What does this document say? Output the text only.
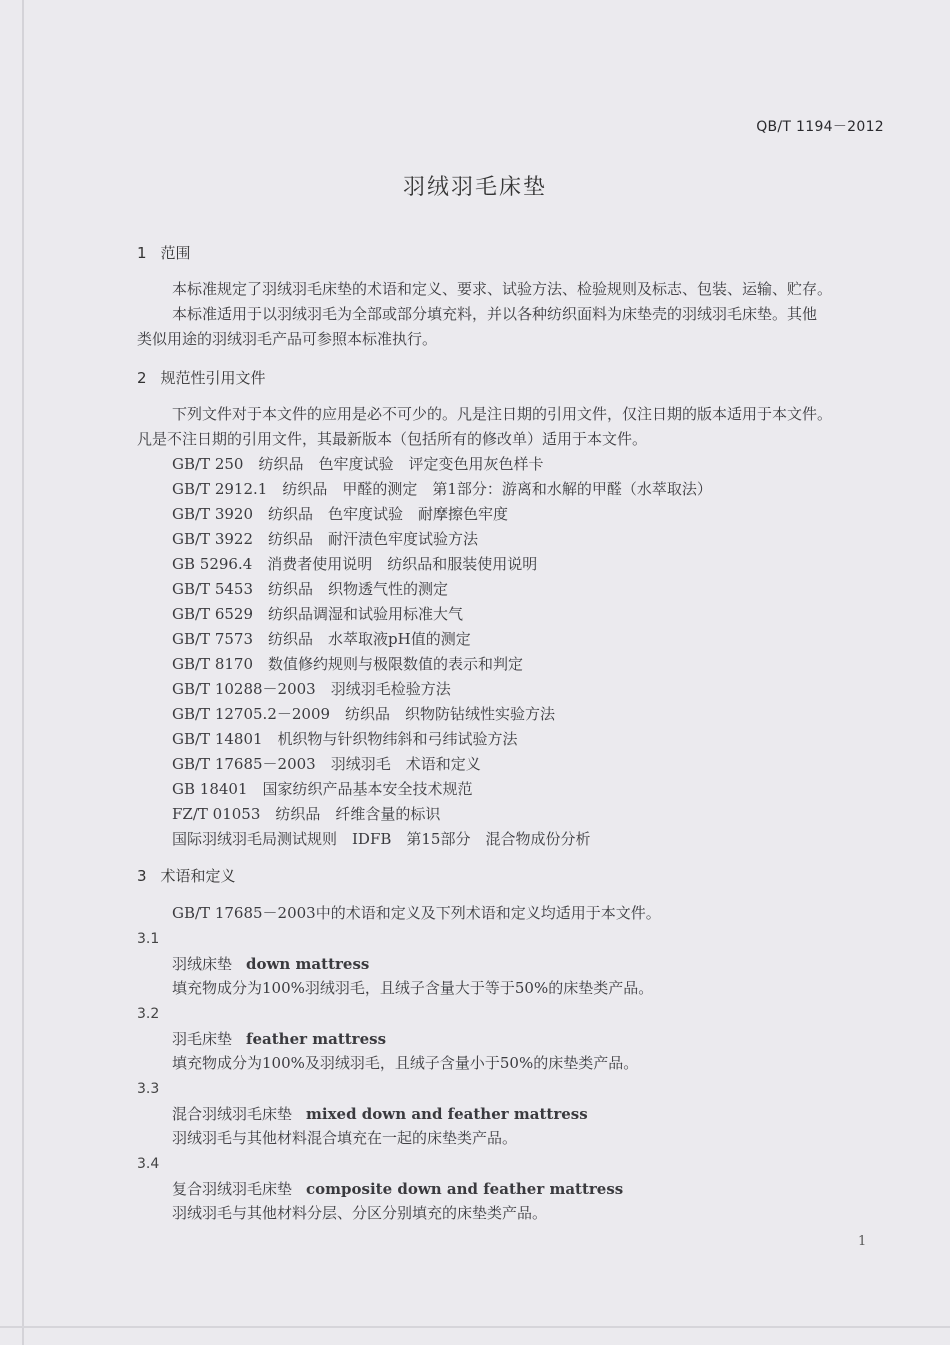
QB/T 1194－2012
羽绒羽毛床垫
1 范围
本标准规定了羽绒羽毛床垫的术语和定义、要求、试验方法、检验规则及标志、包装、运输、贮存。
本标准适用于以羽绒羽毛为全部或部分填充料，并以各种纺织面料为床垫壳的羽绒羽毛床垫。其他
类似用途的羽绒羽毛产品可参照本标准执行。
2 规范性引用文件
下列文件对于本文件的应用是必不可少的。凡是注日期的引用文件，仅注日期的版本适用于本文件。
凡是不注日期的引用文件，其最新版本（包括所有的修改单）适用于本文件。
GB/T 250　纺织品　色牢度试验　评定变色用灰色样卡
GB/T 2912.1　纺织品　甲醛的测定　第1部分：游离和水解的甲醛（水萃取法）
GB/T 3920　纺织品　色牢度试验　耐摩擦色牢度
GB/T 3922　纺织品　耐汗渍色牢度试验方法
GB 5296.4　消费者使用说明　纺织品和服装使用说明
GB/T 5453　纺织品　织物透气性的测定
GB/T 6529　纺织品调湿和试验用标准大气
GB/T 7573　纺织品　水萃取液pH值的测定
GB/T 8170　数值修约规则与极限数值的表示和判定
GB/T 10288－2003　羽绒羽毛检验方法
GB/T 12705.2－2009　纺织品　织物防钻绒性实验方法
GB/T 14801　机织物与针织物纬斜和弓纬试验方法
GB/T 17685－2003　羽绒羽毛　术语和定义
GB 18401　国家纺织产品基本安全技术规范
FZ/T 01053　纺织品　纤维含量的标识
国际羽绒羽毛局测试规则　IDFB　第15部分　混合物成份分析
3 术语和定义
GB/T 17685－2003中的术语和定义及下列术语和定义均适用于本文件。
3.1
羽绒床垫 down mattress
填充物成分为100%羽绒羽毛，且绒子含量大于等于50%的床垫类产品。
3.2
羽毛床垫 feather mattress
填充物成分为100%及羽绒羽毛，且绒子含量小于50%的床垫类产品。
3.3
混合羽绒羽毛床垫 mixed down and feather mattress
羽绒羽毛与其他材料混合填充在一起的床垫类产品。
3.4
复合羽绒羽毛床垫 composite down and feather mattress
羽绒羽毛与其他材料分层、分区分别填充的床垫类产品。
1
